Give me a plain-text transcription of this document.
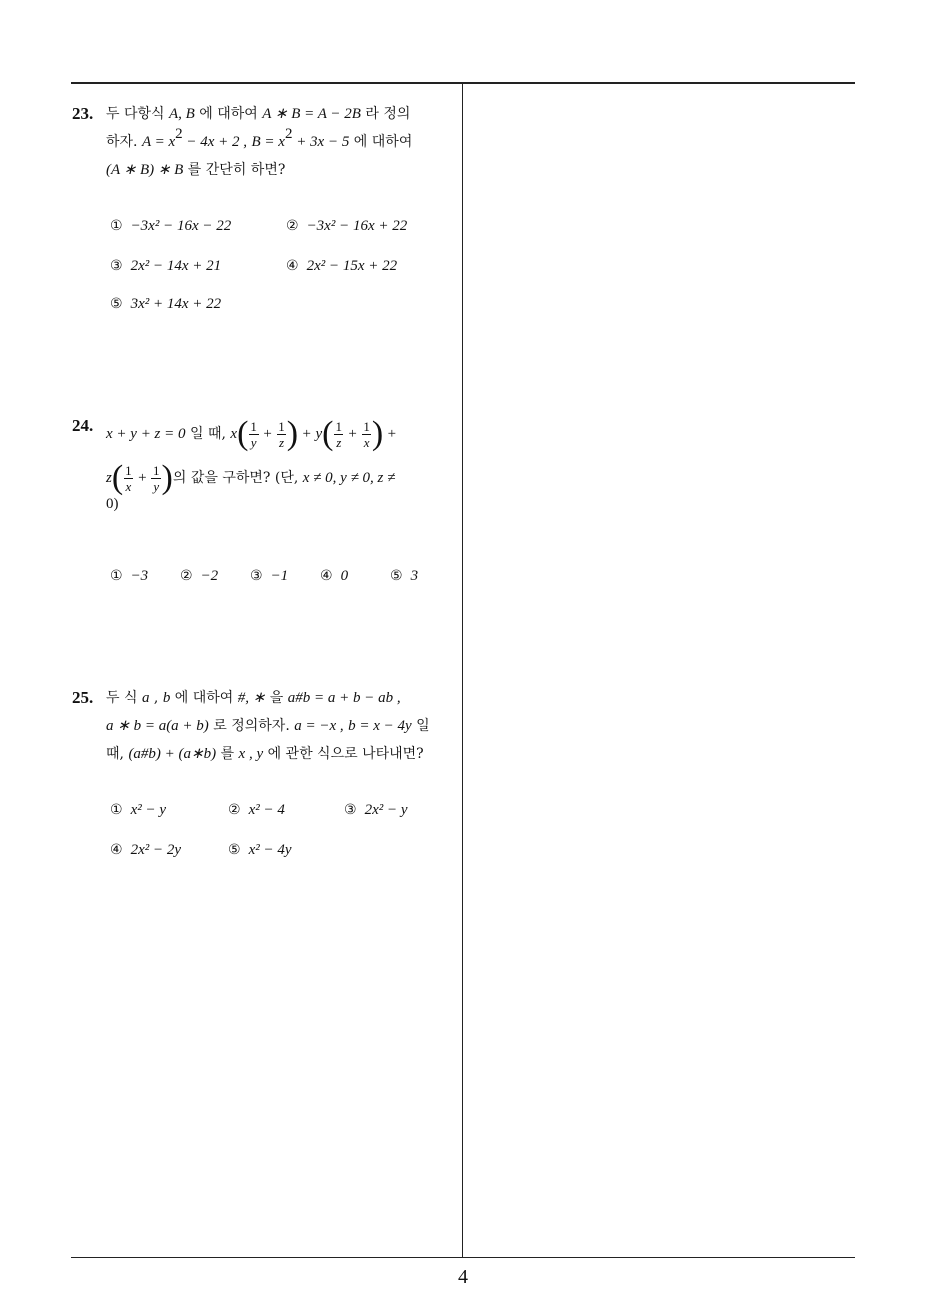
23. 두 다항식 A, B 에 대하여 A ∗ B = A − 2B 라 정의
하자. $A = x^2 - 4x + 2$ , $B = x^2 + 3x - 5$ 에 대하여
(A ∗ B) ∗ B 를 간단히 하면?
① −3x² − 16x − 22	② −3x² − 16x + 22
③ 2x² − 14x + 21	④ 2x² − 15x + 22
⑤ 3x² + 14x + 22
24. x + y + z = 0 일 때, $x( \frac{1}{y} + \frac{1}{z}$ ) + $y( \frac{1}{z} + \frac{1}{x}$ ) +
$z( \frac{1}{x} + \frac{1}{y}$ )의 값을 구하면? (단, x ≠ 0, y ≠ 0, z ≠
0)
① −3 ② −2 ③ −1 ④ 0	⑤ 3
25. 두 식 a , b 에 대하여 #, ∗ 을 a#b = a + b − ab ,
a ∗ b = a(a + b) 로 정의하자. a = −x , b = x − 4y 일
때, (a#b) + (a∗b) 를 x , y 에 관한 식으로 나타내면?
① x² − y	② x² − 4	③ 2x² − y
④ 2x² − 2y	⑤ x² − 4y
4
